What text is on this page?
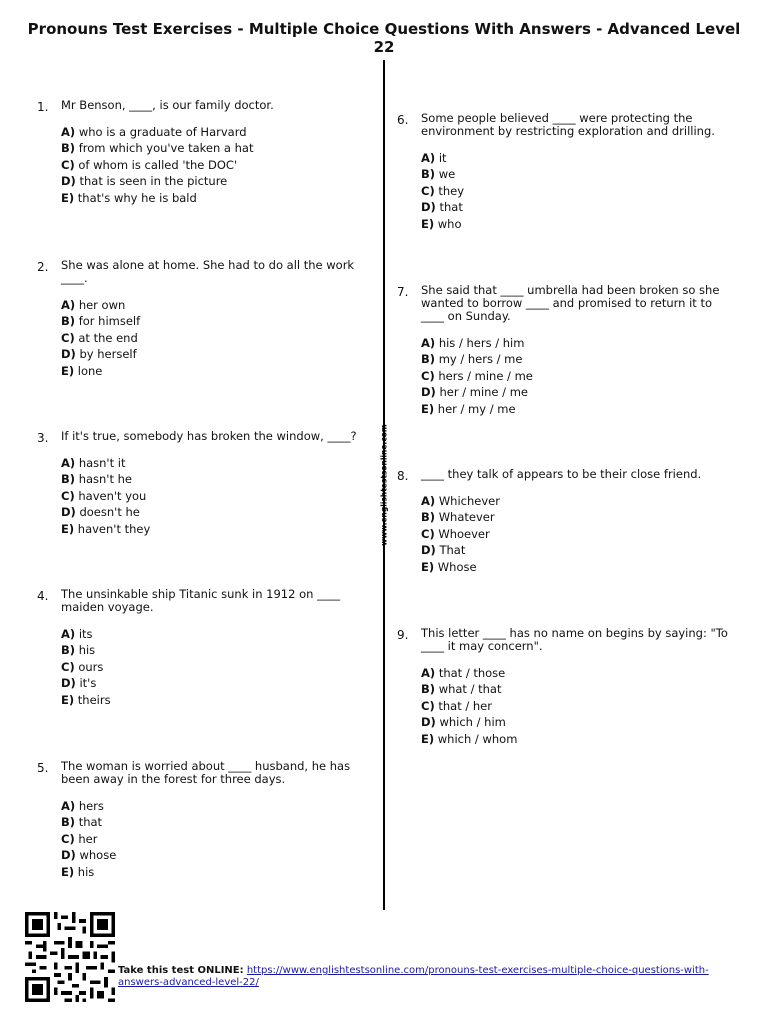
Pronouns Test Exercises - Multiple Choice Questions With Answers - Advanced Level 22
www.englishtestsonline.com
1. Mr Benson, ____, is our family doctor.
A) who is a graduate of Harvard
B) from which you've taken a hat
C) of whom is called 'the DOC'
D) that is seen in the picture
E) that's why he is bald
2. She was alone at home. She had to do all the work ____.
A) her own
B) for himself
C) at the end
D) by herself
E) lone
3. If it's true, somebody has broken the window, ____?
A) hasn't it
B) hasn't he
C) haven't you
D) doesn't he
E) haven't they
4. The unsinkable ship Titanic sunk in 1912 on ____ maiden voyage.
A) its
B) his
C) ours
D) it's
E) theirs
5. The woman is worried about ____ husband, he has been away in the forest for three days.
A) hers
B) that
C) her
D) whose
E) his
6. Some people believed ____ were protecting the environment by restricting exploration and drilling.
A) it
B) we
C) they
D) that
E) who
7. She said that ____ umbrella had been broken so she wanted to borrow ____ and promised to return it to ____ on Sunday.
A) his / hers / him
B) my / hers / me
C) hers / mine / me
D) her / mine / me
E) her / my / me
8. ____ they talk of appears to be their close friend.
A) Whichever
B) Whatever
C) Whoever
D) That
E) Whose
9. This letter ____ has no name on begins by saying: "To ____ it may concern".
A) that / those
B) what / that
C) that / her
D) which / him
E) which / whom
Take this test ONLINE: https://www.englishtestsonline.com/pronouns-test-exercises-multiple-choice-questions-with-answers-advanced-level-22/
